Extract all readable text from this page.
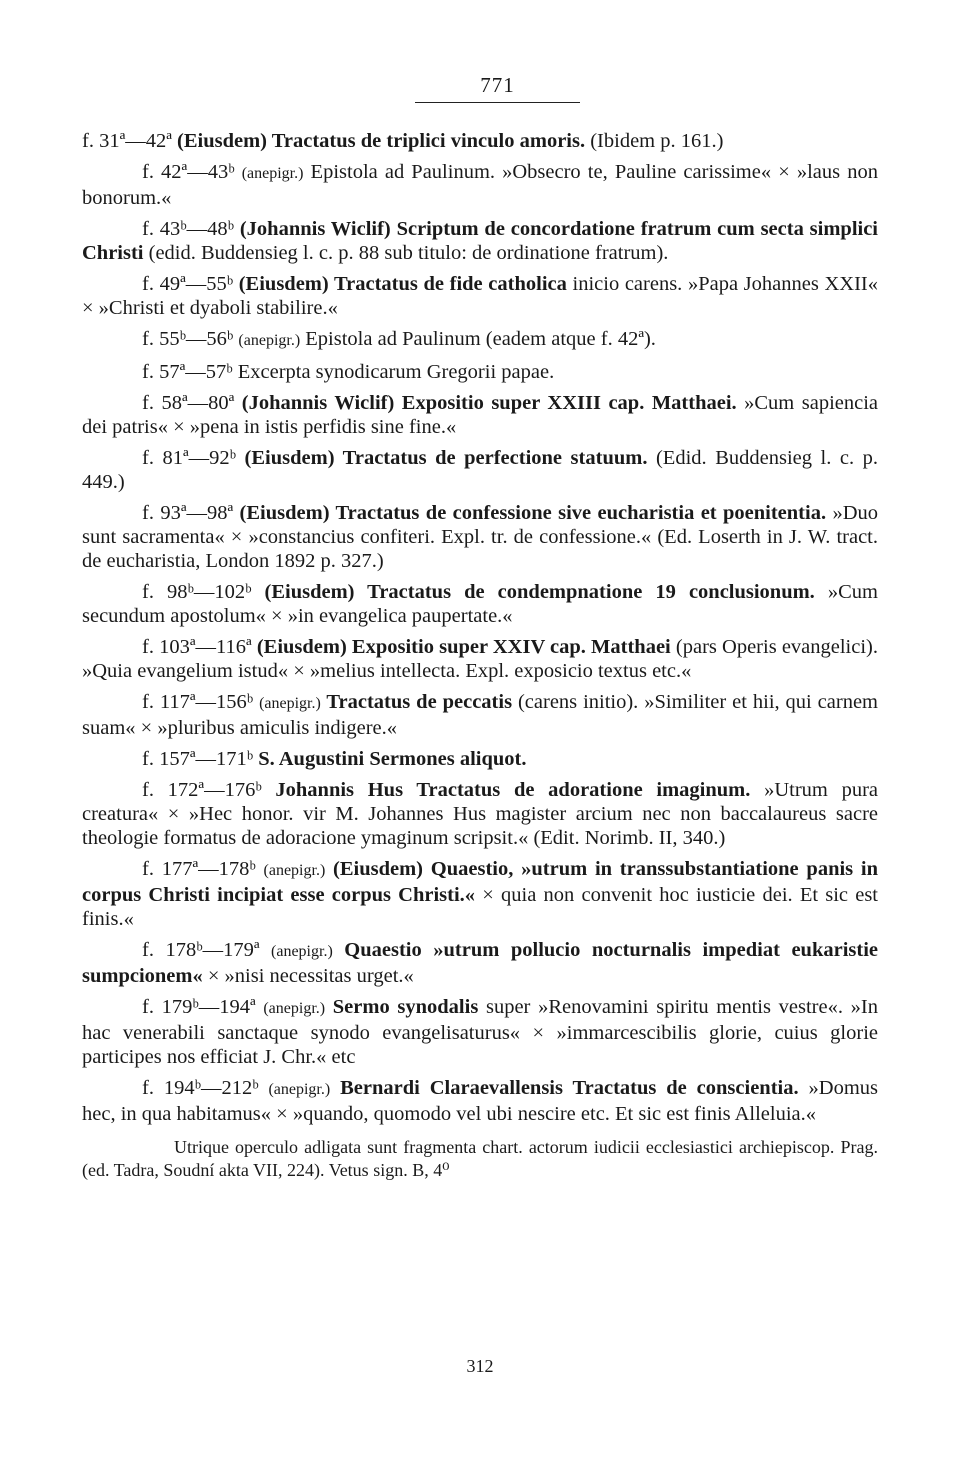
771

f. 31ª—42ª (Eiusdem) Tractatus de triplici vinculo amoris. (Ibidem p. 161.)

f. 42ª—43ᵇ (anepigr.) Epistola ad Paulinum. »Obsecro te, Pauline carissime« × »laus non bonorum.«

f. 43ᵇ—48ᵇ (Johannis Wiclif) Scriptum de concordatione fratrum cum secta simplici Christi (edid. Buddensieg l. c. p. 88 sub titulo: de ordinatione fratrum).

f. 49ª—55ᵇ (Eiusdem) Tractatus de fide catholica inicio carens. »Papa Johannes XXII« × »Christi et dyaboli stabilire.«

f. 55ᵇ—56ᵇ (anepigr.) Epistola ad Paulinum (eadem atque f. 42ª).

f. 57ª—57ᵇ Excerpta synodicarum Gregorii papae.

f. 58ª—80ª (Johannis Wiclif) Expositio super XXIII cap. Matthaei. »Cum sapiencia dei patris« × »pena in istis perfidis sine fine.«

f. 81ª—92ᵇ (Eiusdem) Tractatus de perfectione statuum. (Edid. Buddensieg l. c. p. 449.)

f. 93ª—98ª (Eiusdem) Tractatus de confessione sive eucharistia et poenitentia. »Duo sunt sacramenta« × »constancius confiteri. Expl. tr. de confessione.« (Ed. Loserth in J. W. tract. de eucharistia, London 1892 p. 327.)

f. 98ᵇ—102ᵇ (Eiusdem) Tractatus de condempnatione 19 conclusionum. »Cum secundum apostolum« × »in evangelica paupertate.«

f. 103ª—116ª (Eiusdem) Expositio super XXIV cap. Matthaei (pars Operis evangelici). »Quia evangelium istud« × »melius intellecta. Expl. exposicio textus etc.«

f. 117ª—156ᵇ (anepigr.) Tractatus de peccatis (carens initio). »Similiter et hii, qui carnem suam« × »pluribus amiculis indigere.«

f. 157ª—171ᵇ S. Augustini Sermones aliquot.

f. 172ª—176ᵇ Johannis Hus Tractatus de adoratione imaginum. »Utrum pura creatura« × »Hec honor. vir M. Johannes Hus magister arcium nec non baccalaureus sacre theologie formatus de adoracione ymaginum scripsit.« (Edit. Norimb. II, 340.)

f. 177ª—178ᵇ (anepigr.) (Eiusdem) Quaestio, »utrum in transsubstantiatione panis in corpus Christi incipiat esse corpus Christi.« × quia non convenit hoc iusticie dei. Et sic est finis.«

f. 178ᵇ—179ª (anepigr.) Quaestio »utrum pollucio nocturnalis impediat eukaristie sumpcionem« × »nisi necessitas urget.«

f. 179ᵇ—194ª (anepigr.) Sermo synodalis super »Renovamini spiritu mentis vestre«. »In hac venerabili sanctaque synodo evangelisaturus« × »immarcescibilis glorie, cuius glorie participes nos efficiat J. Chr.« etc

f. 194ᵇ—212ᵇ (anepigr.) Bernardi Claraevallensis Tractatus de conscientia. »Domus hec, in qua habitamus« × »quando, quomodo vel ubi nescire etc. Et sic est finis Alleluia.«

Utrique operculo adligata sunt fragmenta chart. actorum iudicii ecclesiastici archiepiscop. Prag. (ed. Tadra, Soudní akta VII, 224). Vetus sign. B, 4⁰

312
